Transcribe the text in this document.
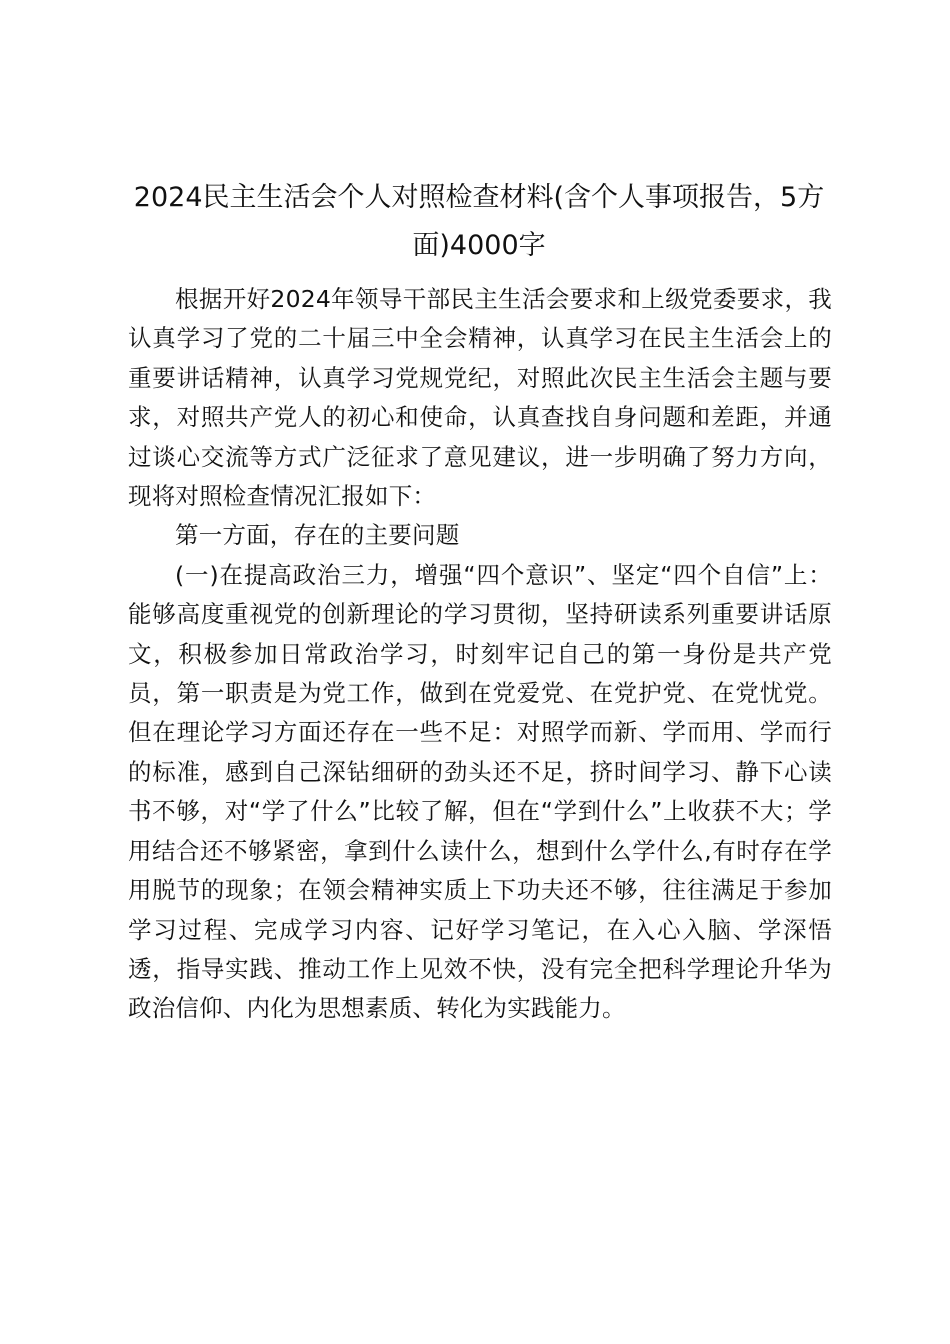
2024民主生活会个人对照检查材料(含个人事项报告，5方面)4000字

根据开好2024年领导干部民主生活会要求和上级党委要求，我认真学习了党的二十届三中全会精神，认真学习在民主生活会上的重要讲话精神，认真学习党规党纪，对照此次民主生活会主题与要求，对照共产党人的初心和使命，认真查找自身问题和差距，并通过谈心交流等方式广泛征求了意见建议，进一步明确了努力方向，现将对照检查情况汇报如下：

第一方面，存在的主要问题

(一)在提高政治三力，增强“四个意识”、坚定“四个自信”上：能够高度重视党的创新理论的学习贯彻，坚持研读系列重要讲话原文，积极参加日常政治学习，时刻牢记自己的第一身份是共产党员，第一职责是为党工作，做到在党爱党、在党护党、在党忧党。但在理论学习方面还存在一些不足：对照学而新、学而用、学而行的标准，感到自己深钻细研的劲头还不足，挤时间学习、静下心读书不够，对“学了什么”比较了解，但在“学到什么”上收获不大；学用结合还不够紧密，拿到什么读什么，想到什么学什么,有时存在学用脱节的现象；在领会精神实质上下功夫还不够，往往满足于参加学习过程、完成学习内容、记好学习笔记，在入心入脑、学深悟透，指导实践、推动工作上见效不快，没有完全把科学理论升华为政治信仰、内化为思想素质、转化为实践能力。
